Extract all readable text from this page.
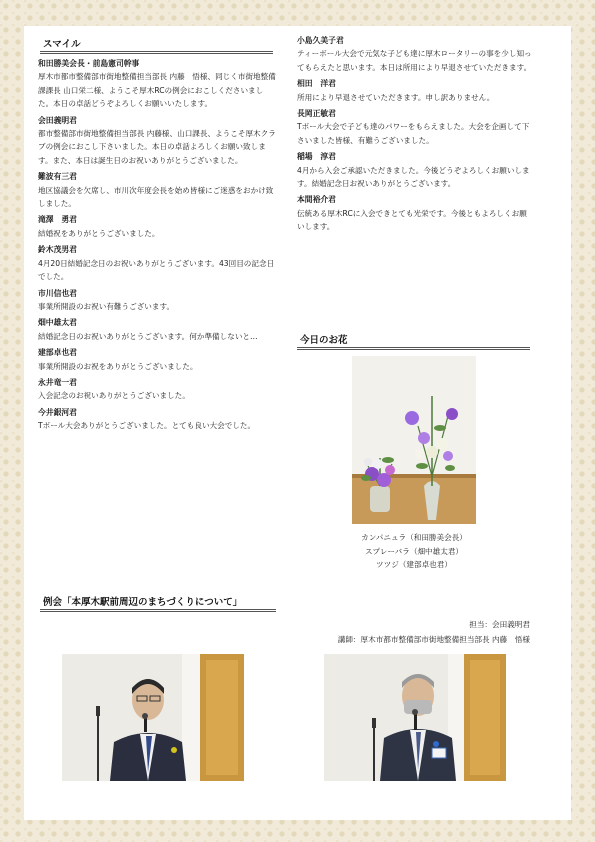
スマイル
和田勝美会長・前島憲司幹事
厚木市都市整備部市街地整備担当部長 内藤　悟様、同じく市街地整備課課長 山口栄二様、ようこそ厚木RCの例会におこしくださいました。本日の卓話どうぞよろしくお願いいたします。
会田義明君
都市整備部市街地整備担当部長 内藤様、山口課長、ようこそ厚木クラブの例会におこし下さいました。本日の卓話よろしくお願い致します。また、本日は誕生日のお祝いありがとうございました。
難波有三君
地区協議会を欠席し、市川次年度会長を始め皆様にご迷惑をおかけ致しました。
滝澤　勇君
結婚祝をありがとうございました。
鈴木茂男君
4月20日結婚記念日のお祝いありがとうございます。43回目の記念日でした。
市川信也君
事業所開設のお祝い有難うございます。
畑中雄太君
結婚記念日のお祝いありがとうございます。何か準備しないと…
建部卓也君
事業所開設のお祝をありがとうございました。
永井竜一君
入会記念のお祝いありがとうございました。
今井銀河君
Tボール大会ありがとうございました。とても良い大会でした。
小島久美子君
ティーボール大会で元気な子ども達に厚木ロータリーの事を少し知ってもらえたと思います。本日は所用により早退させていただきます。
相田　洋君
所用により早退させていただきます。申し訳ありません。
長岡正敏君
Tボール大会で子ども達のパワーをもらえました。大会を企画して下さいました皆様、有難うございました。
稲場　淳君
4月から入会ご承認いただきました。今後どうぞよろしくお願いします。結婚記念日お祝いありがとうございます。
本間裕介君
伝統ある厚木RCに入会できとても光栄です。今後ともよろしくお願いします。
今日のお花
カンパニュラ（和田勝美会長）
スプレーバラ（畑中雄太君）
ツツジ（建部卓也君）
例会「本厚木駅前周辺のまちづくりについて」
担当：会田義明君
講師：厚木市都市整備部市街地整備担当部長 内藤　悟様
